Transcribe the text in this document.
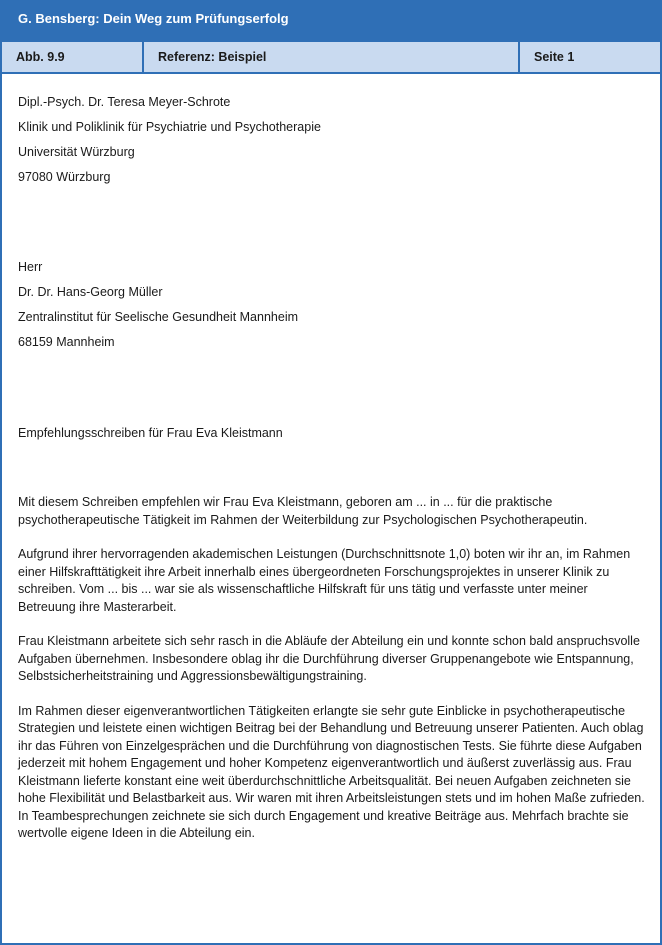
G. Bensberg: Dein Weg zum Prüfungserfolg
Abb. 9.9	Referenz: Beispiel	Seite 1
Dipl.-Psych. Dr. Teresa Meyer-Schrote
Klinik und Poliklinik für Psychiatrie und Psychotherapie
Universität Würzburg
97080 Würzburg
Herr
Dr. Dr. Hans-Georg Müller
Zentralinstitut für Seelische Gesundheit Mannheim
68159 Mannheim
Empfehlungsschreiben für Frau Eva Kleistmann

Mit diesem Schreiben empfehlen wir Frau Eva Kleistmann, geboren am ... in ... für die praktische psychotherapeutische Tätigkeit im Rahmen der Weiterbildung zur Psychologischen Psychotherapeutin.

Aufgrund ihrer hervorragenden akademischen Leistungen (Durchschnittsnote 1,0) boten wir ihr an, im Rahmen einer Hilfskrafttätigkeit ihre Arbeit innerhalb eines übergeordneten Forschungsprojektes in unserer Klinik zu schreiben. Vom ... bis ... war sie als wissenschaftliche Hilfskraft für uns tätig und verfasste unter meiner Betreuung ihre Masterarbeit.

Frau Kleistmann arbeitete sich sehr rasch in die Abläufe der Abteilung ein und konnte schon bald anspruchsvolle Aufgaben übernehmen. Insbesondere oblag ihr die Durchführung diverser Gruppenangebote wie Entspannung, Selbstsicherheitstraining und Aggressionsbewältigungstraining.

Im Rahmen dieser eigenverantwortlichen Tätigkeiten erlangte sie sehr gute Einblicke in psychotherapeutische Strategien und leistete einen wichtigen Beitrag bei der Behandlung und Betreuung unserer Patienten. Auch oblag ihr das Führen von Einzelgesprächen und die Durchführung von diagnostischen Tests. Sie führte diese Aufgaben jederzeit mit hohem Engagement und hoher Kompetenz eigenverantwortlich und äußerst zuverlässig aus. Frau Kleistmann lieferte konstant eine weit überdurchschnittliche Arbeitsqualität. Bei neuen Aufgaben zeichneten sie hohe Flexibilität und Belastbarkeit aus. Wir waren mit ihren Arbeitsleistungen stets und im hohen Maße zufrieden. In Teambesprechungen zeichnete sie sich durch Engagement und kreative Beiträge aus. Mehrfach brachte sie wertvolle eigene Ideen in die Abteilung ein.
